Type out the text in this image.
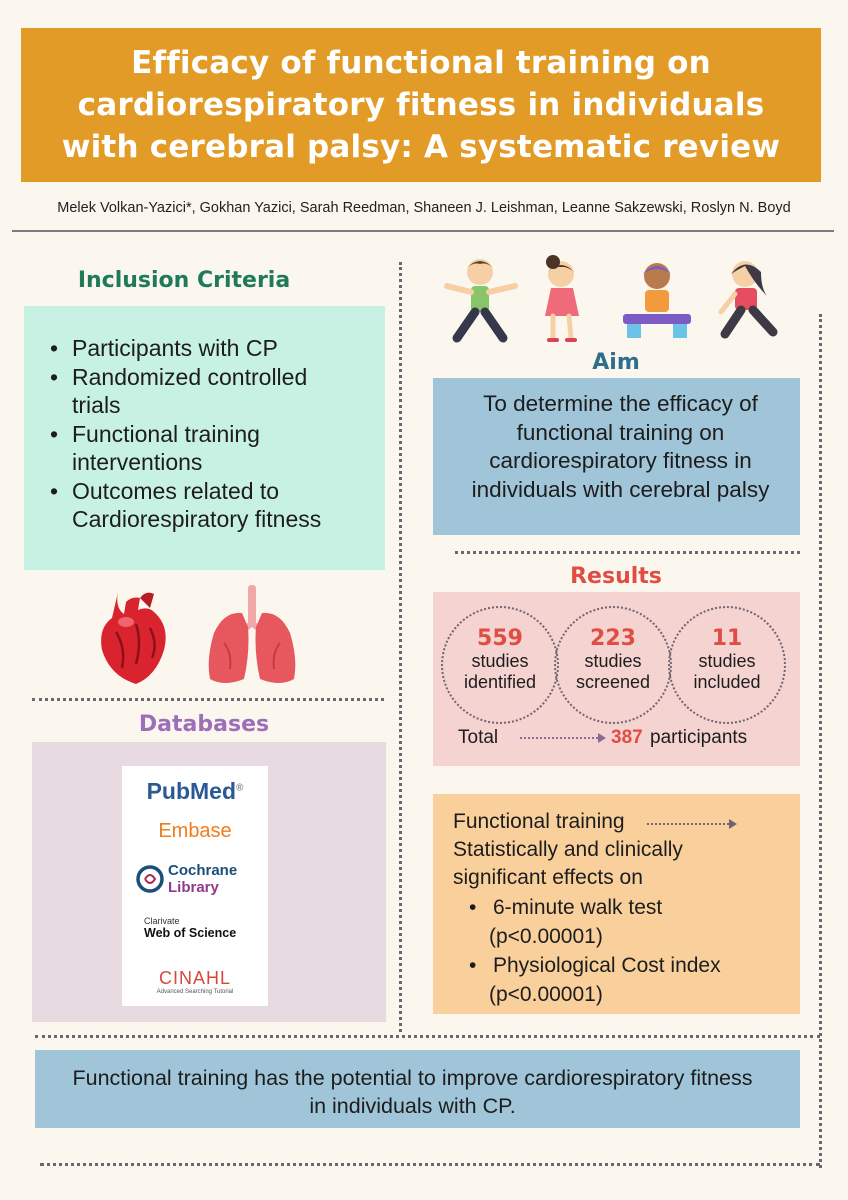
Efficacy of functional training on cardiorespiratory fitness in individuals with cerebral palsy: A systematic review
Melek Volkan-Yazici*, Gokhan Yazici, Sarah Reedman, Shaneen J. Leishman, Leanne Sakzewski, Roslyn N. Boyd
Inclusion Criteria
• Participants with CP
• Randomized controlled trials
• Functional training interventions
• Outcomes related to Cardiorespiratory fitness
Databases
PubMed®
Embase
Cochrane
Library
Clarivate
Web of Science
CINAHL
Advanced Searching Tutorial
Aim
To determine the efficacy of functional training on cardiorespiratory fitness in individuals with cerebral palsy
Results
559
studies
identified
223
studies
screened
11
studies
included
Total	387 participants
Functional training
Statistically and clinically
significant effects on
• 6-minute walk test
(p<0.00001)
• Physiological Cost index
(p<0.00001)
Functional training has the potential to improve cardiorespiratory fitness in individuals with CP.
